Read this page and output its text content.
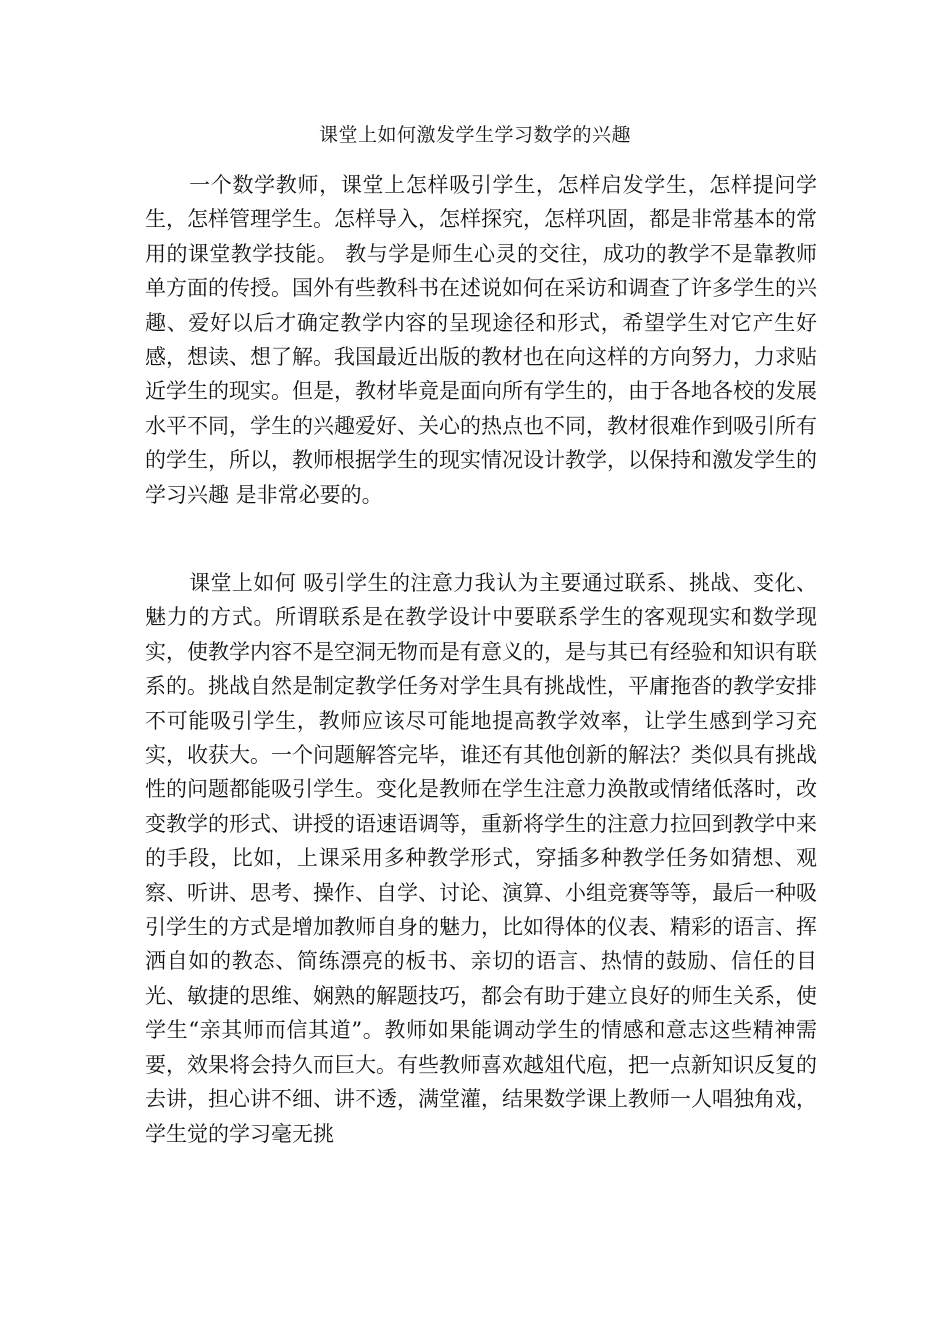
课堂上如何激发学生学习数学的兴趣

一个数学教师，课堂上怎样吸引学生，怎样启发学生，怎样提问学生，怎样管理学生。怎样导入，怎样探究，怎样巩固，都是非常基本的常用的课堂教学技能。 教与学是师生心灵的交往，成功的教学不是靠教师单方面的传授。国外有些教科书在述说如何在采访和调查了许多学生的兴趣、爱好以后才确定教学内容的呈现途径和形式，希望学生对它产生好感，想读、想了解。我国最近出版的教材也在向这样的方向努力，力求贴近学生的现实。但是，教材毕竟是面向所有学生的，由于各地各校的发展水平不同，学生的兴趣爱好、关心的热点也不同，教材很难作到吸引所有的学生，所以，教师根据学生的现实情况设计教学，以保持和激发学生的学习兴趣 是非常必要的。

课堂上如何 吸引学生的注意力我认为主要通过联系、挑战、变化、魅力的方式。所谓联系是在教学设计中要联系学生的客观现实和数学现实，使教学内容不是空洞无物而是有意义的，是与其已有经验和知识有联系的。挑战自然是制定教学任务对学生具有挑战性，平庸拖沓的教学安排不可能吸引学生，教师应该尽可能地提高教学效率，让学生感到学习充实，收获大。一个问题解答完毕，谁还有其他创新的解法？类似具有挑战性的问题都能吸引学生。变化是教师在学生注意力涣散或情绪低落时，改变教学的形式、讲授的语速语调等，重新将学生的注意力拉回到教学中来的手段，比如，上课采用多种教学形式，穿插多种教学任务如猜想、观察、听讲、思考、操作、自学、讨论、演算、小组竞赛等等，最后一种吸引学生的方式是增加教师自身的魅力，比如得体的仪表、精彩的语言、挥洒自如的教态、简练漂亮的板书、亲切的语言、热情的鼓励、信任的目光、敏捷的思维、娴熟的解题技巧，都会有助于建立良好的师生关系，使学生“亲其师而信其道”。教师如果能调动学生的情感和意志这些精神需要，效果将会持久而巨大。有些教师喜欢越俎代庖，把一点新知识反复的去讲，担心讲不细、讲不透，满堂灌，结果数学课上教师一人唱独角戏，学生觉的学习毫无挑
